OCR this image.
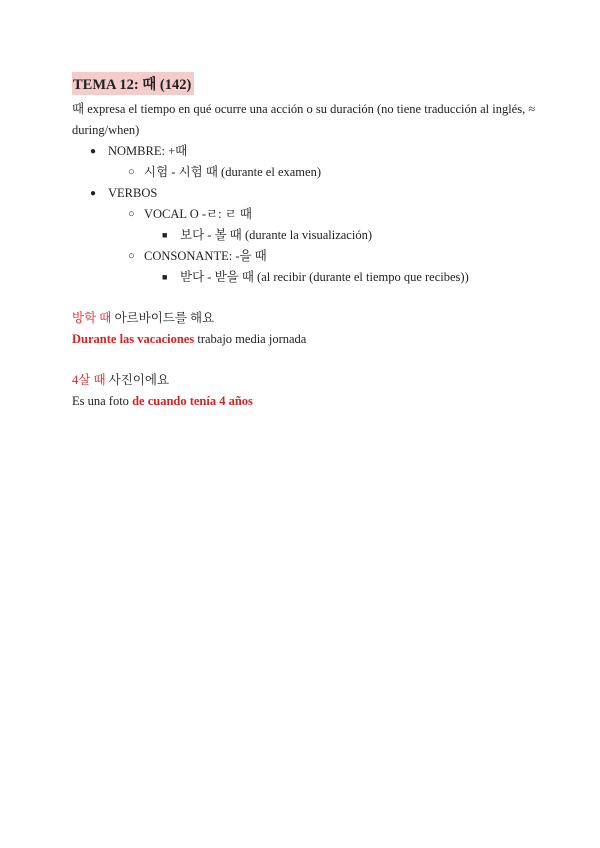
TEMA 12: 때 (142)
때 expresa el tiempo en qué ocurre una acción o su duración (no tiene traducción al inglés, ≈ during/when)
● NOMBRE: +때
○ 시험 - 시험 때 (durante el examen)
● VERBOS
○ VOCAL O -ㄹ: ㄹ 때
■	보다 - 볼 때 (durante la visualización)
○ CONSONANTE: -을 때
■	받다 - 받을 때 (al recibir (durante el tiempo que recibes))
방학 때 아르바이드를 해요
Durante las vacaciones trabajo media jornada
4살 때 사진이에요
Es una foto de cuando tenía 4 años
